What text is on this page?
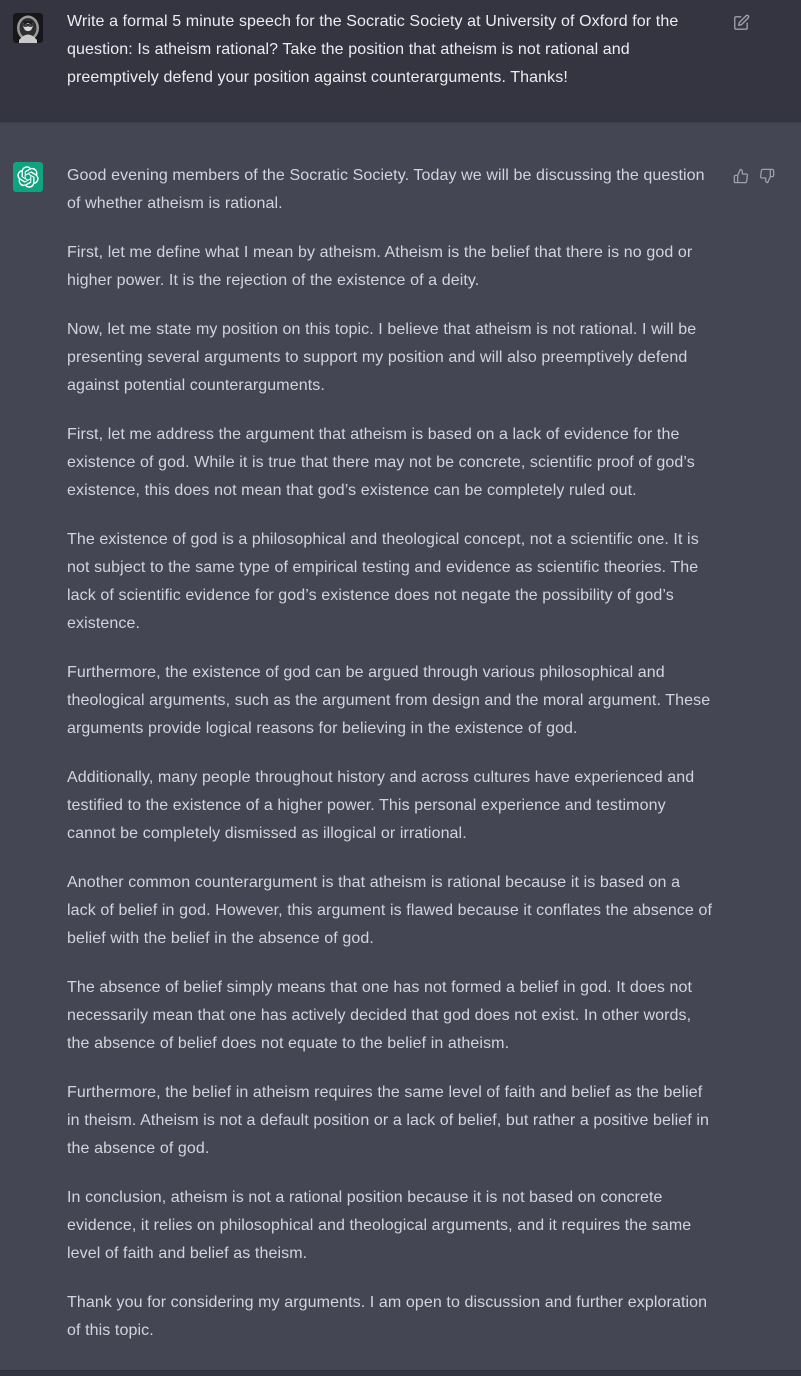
Write a formal 5 minute speech for the Socratic Society at University of Oxford for the question: Is atheism rational? Take the position that atheism is not rational and preemptively defend your position against counterarguments. Thanks!

Good evening members of the Socratic Society. Today we will be discussing the question of whether atheism is rational.

First, let me define what I mean by atheism. Atheism is the belief that there is no god or higher power. It is the rejection of the existence of a deity.

Now, let me state my position on this topic. I believe that atheism is not rational. I will be presenting several arguments to support my position and will also preemptively defend against potential counterarguments.

First, let me address the argument that atheism is based on a lack of evidence for the existence of god. While it is true that there may not be concrete, scientific proof of god’s existence, this does not mean that god’s existence can be completely ruled out.

The existence of god is a philosophical and theological concept, not a scientific one. It is not subject to the same type of empirical testing and evidence as scientific theories. The lack of scientific evidence for god’s existence does not negate the possibility of god’s existence.

Furthermore, the existence of god can be argued through various philosophical and theological arguments, such as the argument from design and the moral argument. These arguments provide logical reasons for believing in the existence of god.

Additionally, many people throughout history and across cultures have experienced and testified to the existence of a higher power. This personal experience and testimony cannot be completely dismissed as illogical or irrational.

Another common counterargument is that atheism is rational because it is based on a lack of belief in god. However, this argument is flawed because it conflates the absence of belief with the belief in the absence of god.

The absence of belief simply means that one has not formed a belief in god. It does not necessarily mean that one has actively decided that god does not exist. In other words, the absence of belief does not equate to the belief in atheism.

Furthermore, the belief in atheism requires the same level of faith and belief as the belief in theism. Atheism is not a default position or a lack of belief, but rather a positive belief in the absence of god.

In conclusion, atheism is not a rational position because it is not based on concrete evidence, it relies on philosophical and theological arguments, and it requires the same level of faith and belief as theism.

Thank you for considering my arguments. I am open to discussion and further exploration of this topic.
